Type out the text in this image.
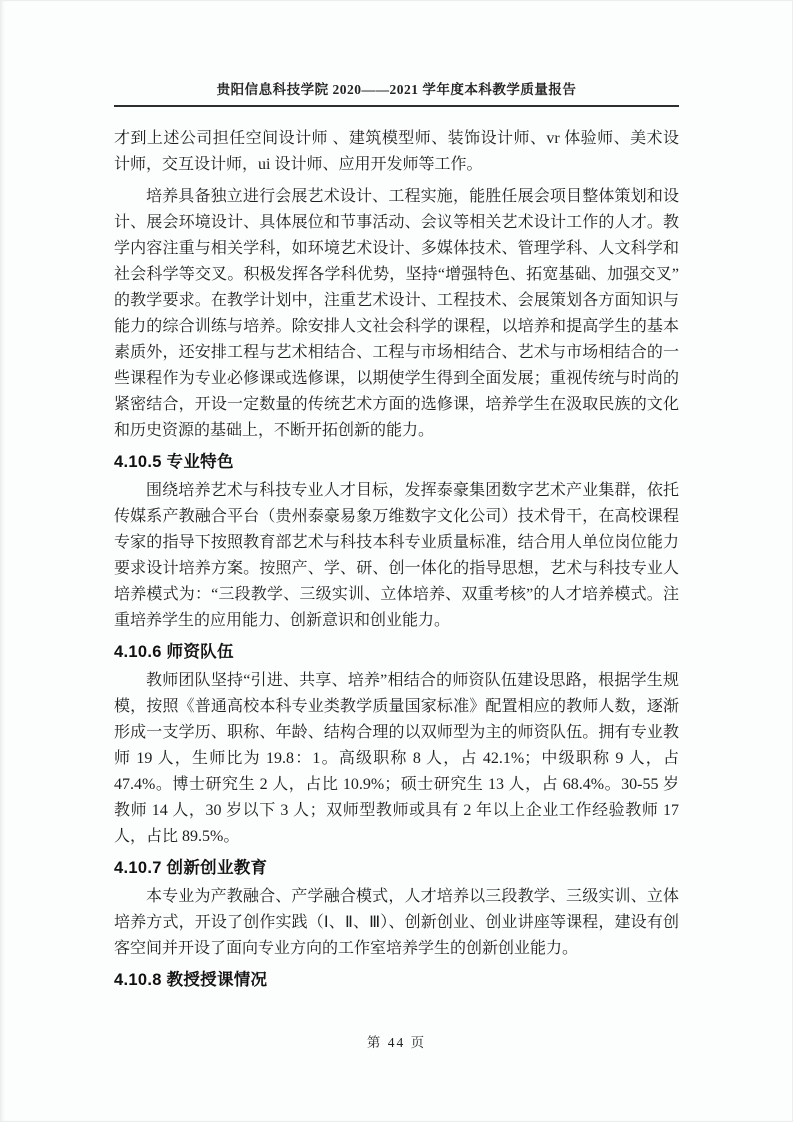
贵阳信息科技学院 2020——2021 学年度本科教学质量报告

才到上述公司担任空间设计师 、建筑模型师、装饰设计师、vr 体验师、美术设计师，交互设计师，ui 设计师、应用开发师等工作。

培养具备独立进行会展艺术设计、工程实施，能胜任展会项目整体策划和设计、展会环境设计、具体展位和节事活动、会议等相关艺术设计工作的人才。教学内容注重与相关学科，如环境艺术设计、多媒体技术、管理学科、人文科学和社会科学等交叉。积极发挥各学科优势，坚持“增强特色、拓宽基础、加强交叉”的教学要求。在教学计划中，注重艺术设计、工程技术、会展策划各方面知识与能力的综合训练与培养。除安排人文社会科学的课程，以培养和提高学生的基本素质外，还安排工程与艺术相结合、工程与市场相结合、艺术与市场相结合的一些课程作为专业必修课或选修课，以期使学生得到全面发展；重视传统与时尚的紧密结合，开设一定数量的传统艺术方面的选修课，培养学生在汲取民族的文化和历史资源的基础上，不断开拓创新的能力。

4.10.5 专业特色

围绕培养艺术与科技专业人才目标，发挥泰豪集团数字艺术产业集群，依托传媒系产教融合平台（贵州泰豪易象万维数字文化公司）技术骨干，在高校课程专家的指导下按照教育部艺术与科技本科专业质量标准，结合用人单位岗位能力要求设计培养方案。按照产、学、研、创一体化的指导思想，艺术与科技专业人培养模式为：“三段教学、三级实训、立体培养、双重考核”的人才培养模式。注重培养学生的应用能力、创新意识和创业能力。

4.10.6 师资队伍

教师团队坚持“引进、共享、培养”相结合的师资队伍建设思路，根据学生规模，按照《普通高校本科专业类教学质量国家标准》配置相应的教师人数，逐渐形成一支学历、职称、年龄、结构合理的以双师型为主的师资队伍。拥有专业教师 19 人，生师比为 19.8：1。高级职称 8 人，占 42.1%；中级职称 9 人，占 47.4%。博士研究生 2 人，占比 10.9%；硕士研究生 13 人，占 68.4%。30-55 岁教师 14 人，30 岁以下 3 人；双师型教师或具有 2 年以上企业工作经验教师 17 人，占比 89.5%。

4.10.7 创新创业教育

本专业为产教融合、产学融合模式，人才培养以三段教学、三级实训、立体培养方式，开设了创作实践（Ⅰ、Ⅱ、Ⅲ）、创新创业、创业讲座等课程，建设有创客空间并开设了面向专业方向的工作室培养学生的创新创业能力。

4.10.8 教授授课情况
第 44 页
